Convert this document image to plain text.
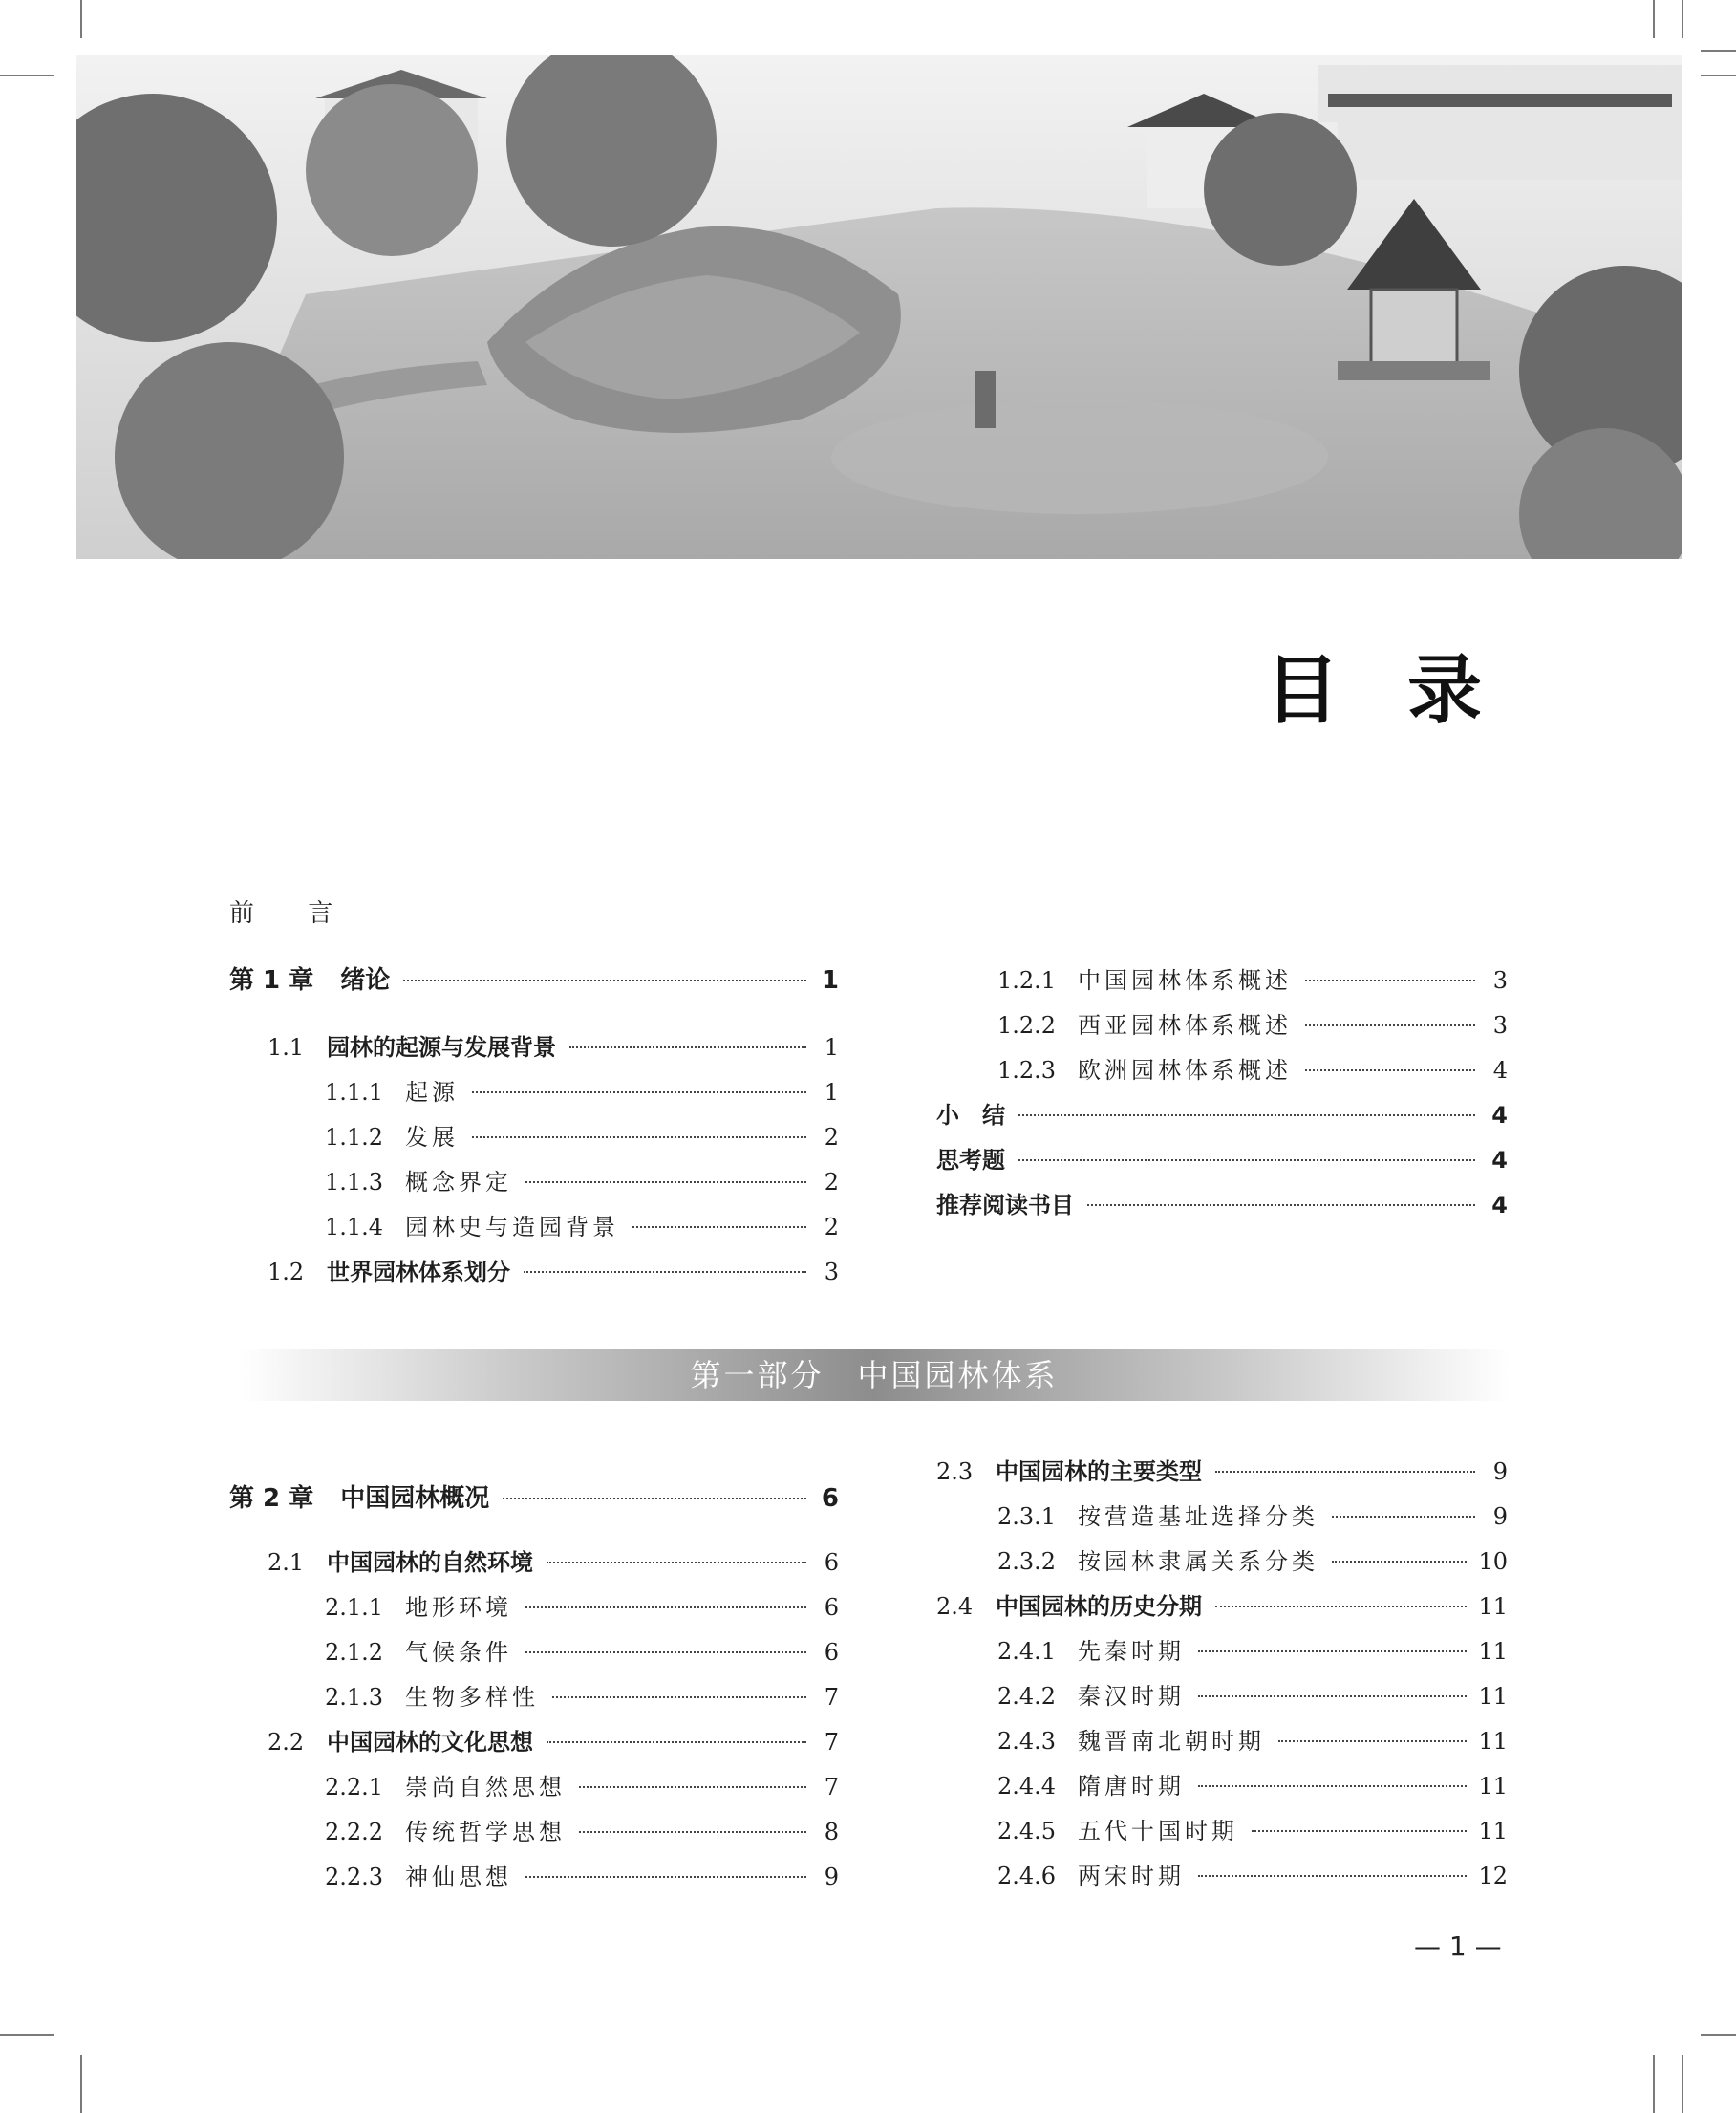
目 录
前 言
第 1 章 绪论	1
1.1 园林的起源与发展背景	1
1.1.1 起源	1
1.1.2 发展	2
1.1.3 概念界定	2
1.1.4 园林史与造园背景	2
1.2 世界园林体系划分	3
1.2.1 中国园林体系概述	3
1.2.2 西亚园林体系概述	3
1.2.3 欧洲园林体系概述	4
小　结	4
思考题	4
推荐阅读书目	4
第一部分　中国园林体系
第 2 章 中国园林概况	6
2.1 中国园林的自然环境	6
2.1.1 地形环境	6
2.1.2 气候条件	6
2.1.3 生物多样性	7
2.2 中国园林的文化思想	7
2.2.1 崇尚自然思想	7
2.2.2 传统哲学思想	8
2.2.3 神仙思想	9
2.3 中国园林的主要类型	9
2.3.1 按营造基址选择分类	9
2.3.2 按园林隶属关系分类	10
2.4 中国园林的历史分期	11
2.4.1 先秦时期	11
2.4.2 秦汉时期	11
2.4.3 魏晋南北朝时期	11
2.4.4 隋唐时期	11
2.4.5 五代十国时期	11
2.4.6 两宋时期	12
— 1 —
